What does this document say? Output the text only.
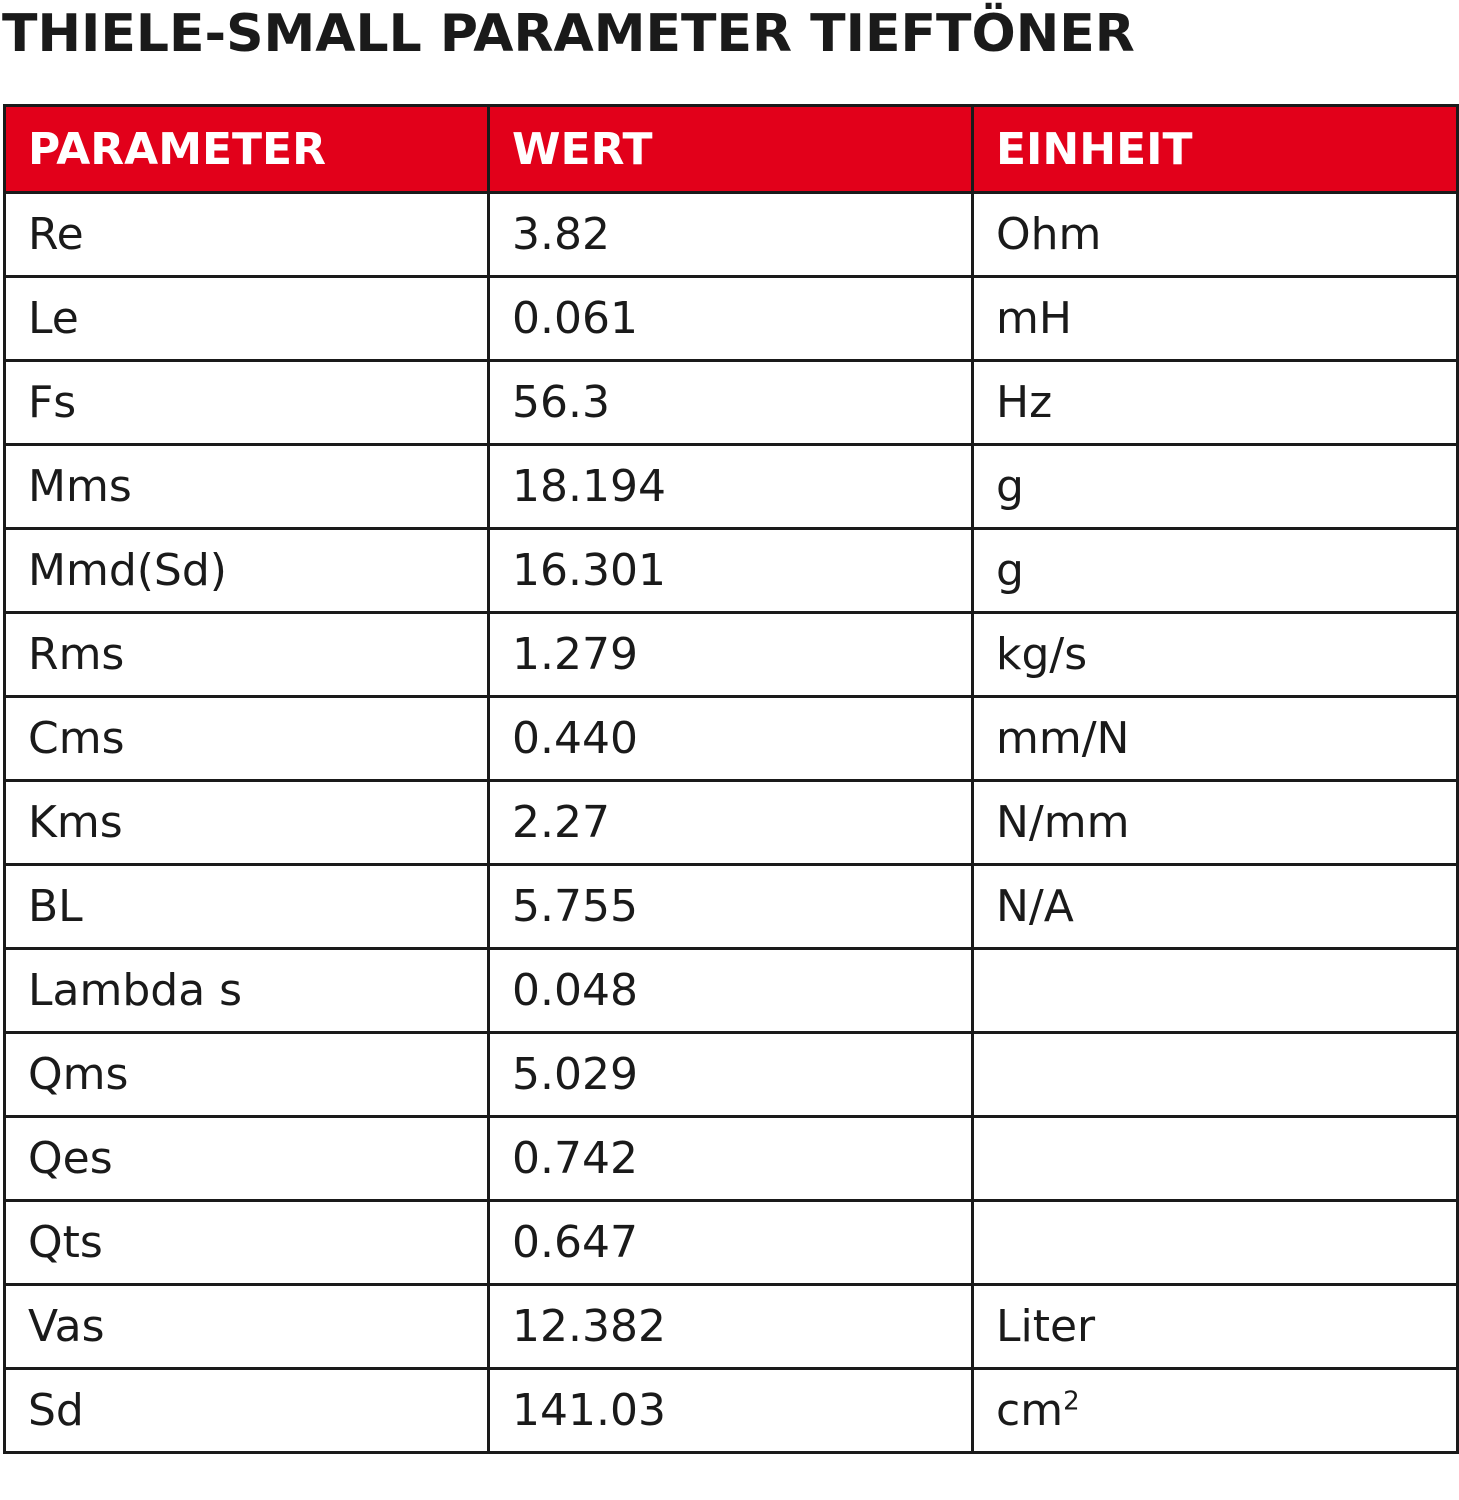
THIELE-SMALL PARAMETER TIEFTÖNER
PARAMETER	WERT	EINHEIT
Re	3.82	Ohm
Le	0.061	mH
Fs	56.3	Hz
Mms	18.194	g
Mmd(Sd)	16.301	g
Rms	1.279	kg/s
Cms	0.440	mm/N
Kms	2.27	N/mm
BL	5.755	N/A
Lambda s	0.048	
Qms	5.029	
Qes	0.742	
Qts	0.647	
Vas	12.382	Liter
Sd	141.03	$cm^2$
